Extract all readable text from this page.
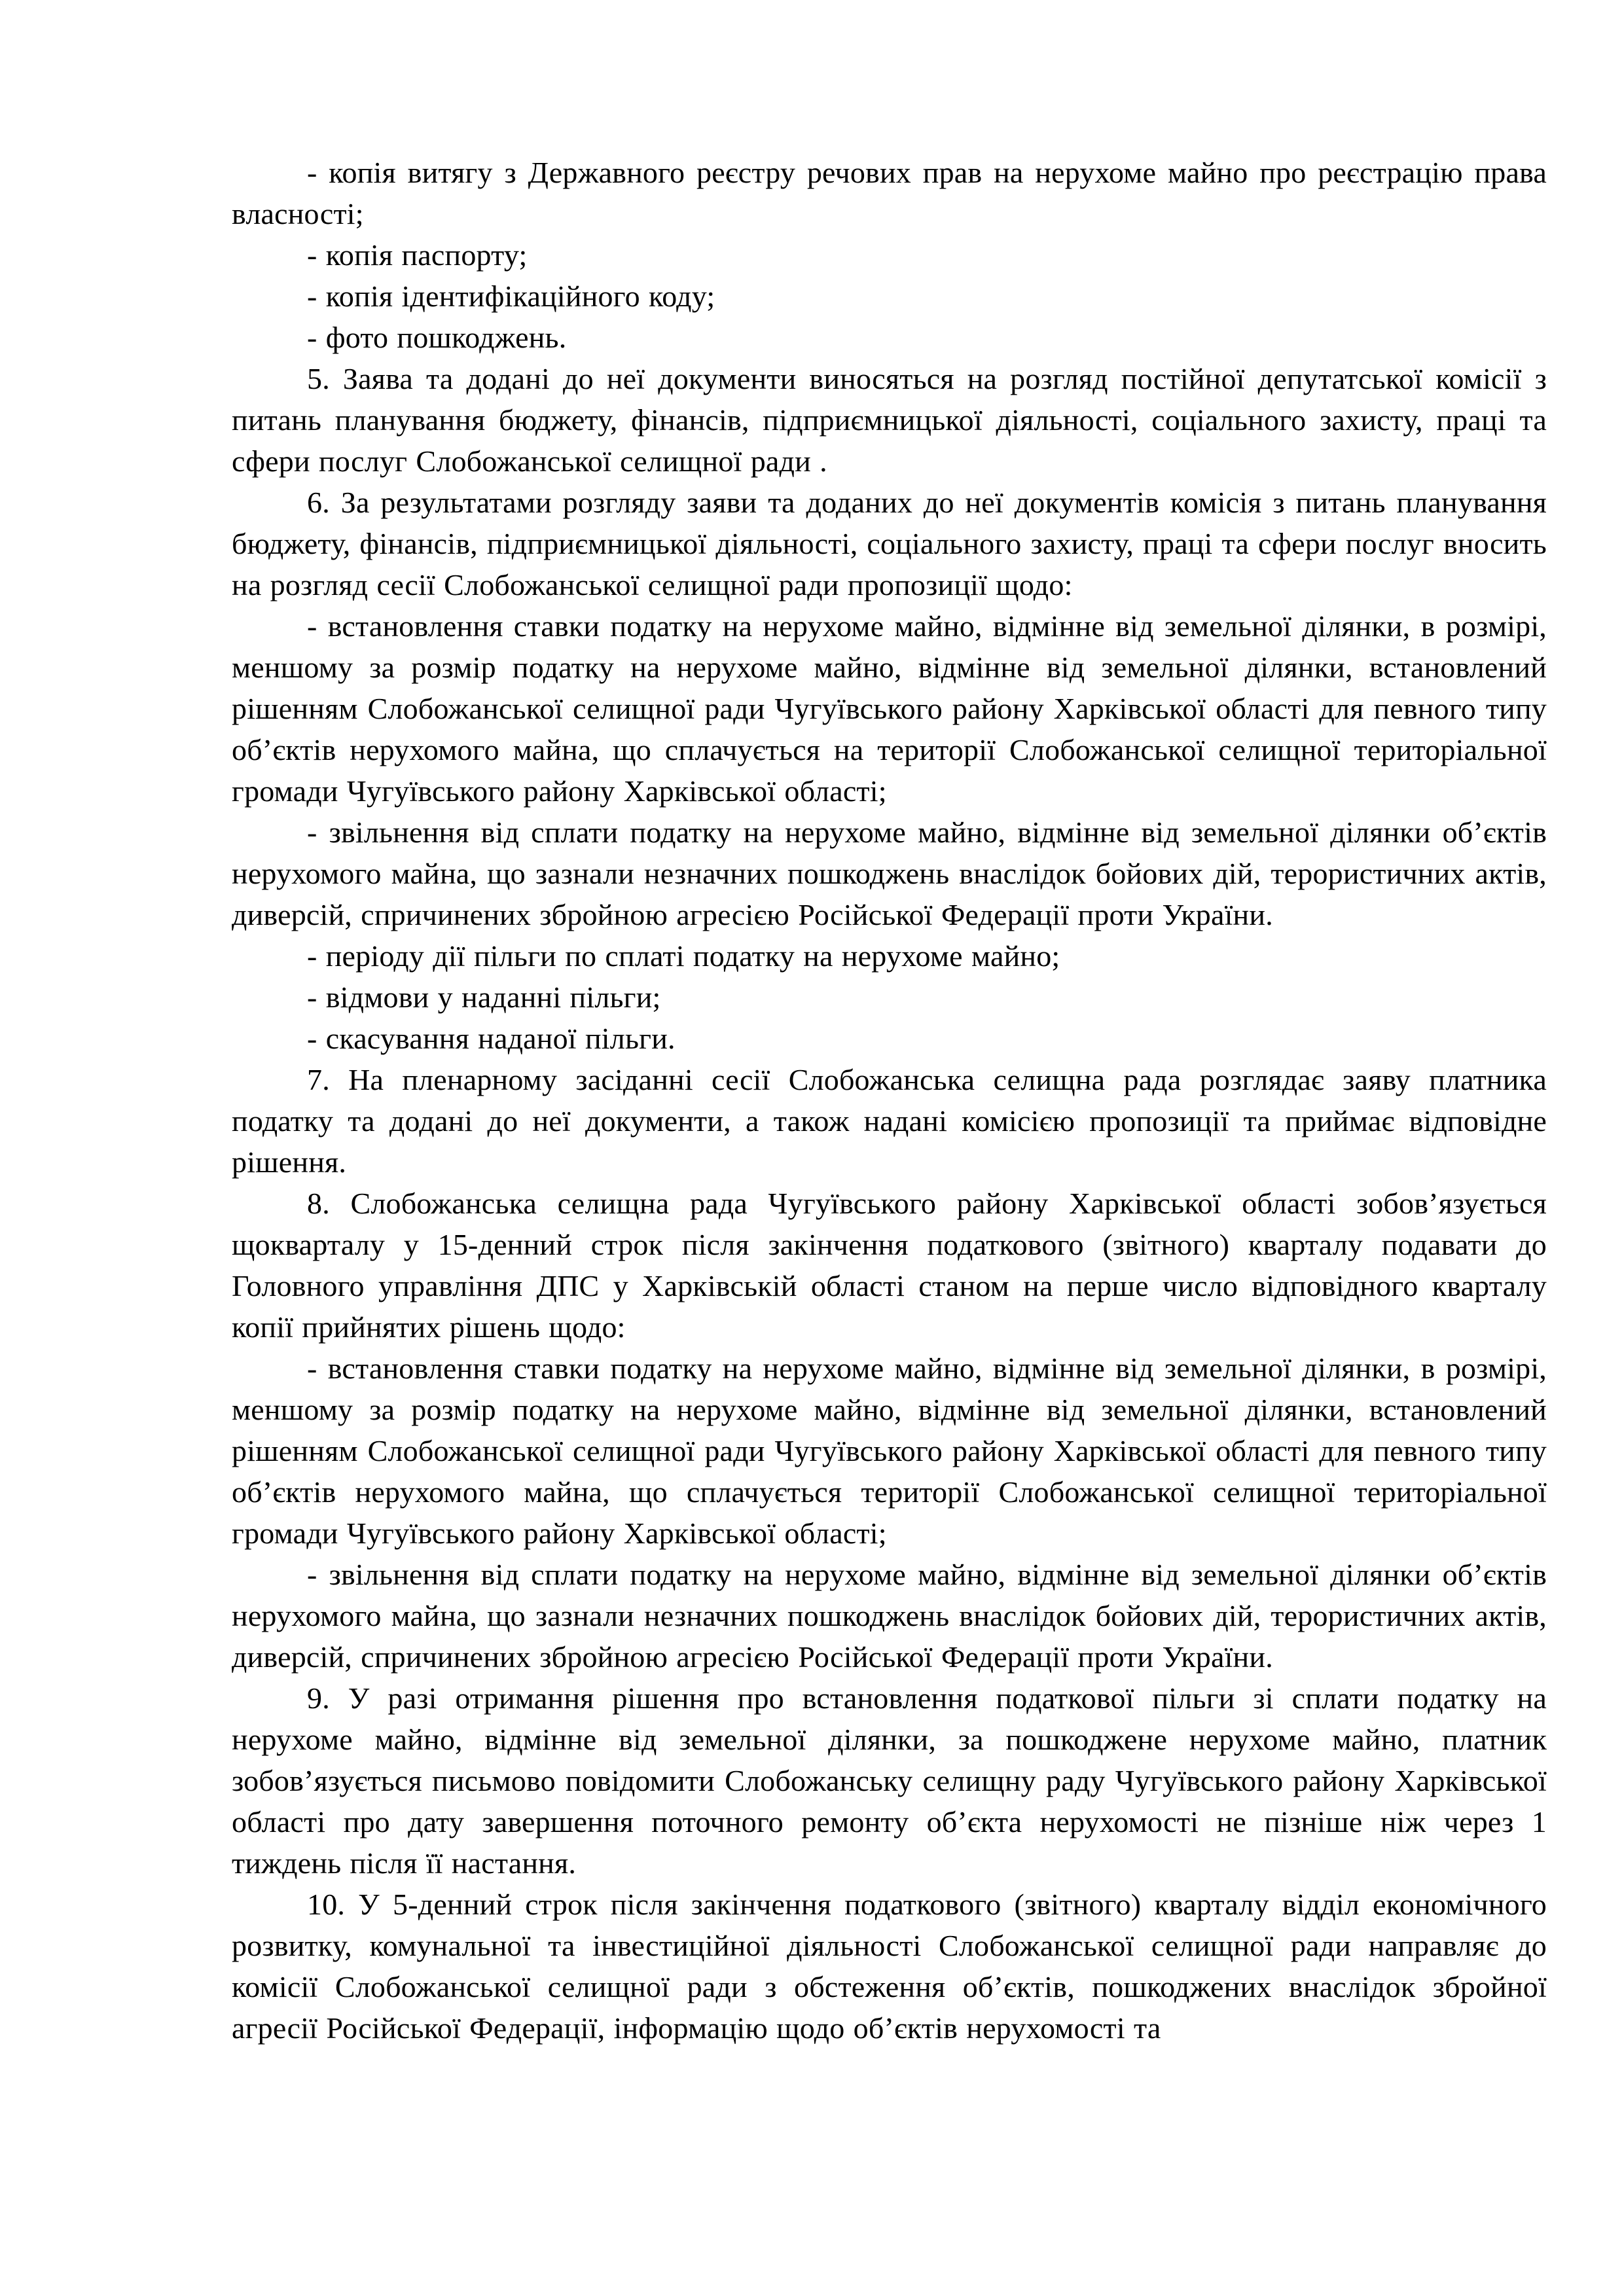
- копія витягу з Державного реєстру речових прав на нерухоме майно про реєстрацію права власності;

- копія паспорту;

- копія ідентифікаційного коду;

- фото пошкоджень.

5. Заява та додані до неї документи виносяться на розгляд постійної депутатської комісії з питань планування бюджету, фінансів, підприємницької діяльності, соціального захисту, праці та сфери послуг Слобожанської селищної ради .

6. За результатами розгляду заяви та доданих до неї документів комісія з питань планування бюджету, фінансів, підприємницької діяльності, соціального захисту, праці та сфери послуг вносить на розгляд сесії Слобожанської селищної ради пропозиції щодо:

- встановлення ставки податку на нерухоме майно, відмінне від земельної ділянки, в розмірі, меншому за розмір податку на нерухоме майно, відмінне від земельної ділянки, встановлений рішенням Слобожанської селищної ради Чугуївського району Харківської області для певного типу об’єктів нерухомого майна, що сплачується на території Слобожанської селищної територіальної громади Чугуївського району Харківської області;

- звільнення від сплати податку на нерухоме майно, відмінне від земельної ділянки об’єктів нерухомого майна, що зазнали незначних пошкоджень внаслідок бойових дій, терористичних актів, диверсій, спричинених збройною агресією Російської Федерації проти України.

- періоду дії пільги по сплаті податку на нерухоме майно;

- відмови у наданні пільги;

- скасування наданої пільги.

7. На пленарному засіданні сесії Слобожанська селищна рада розглядає заяву платника податку та додані до неї документи, а також надані комісією пропозиції та приймає відповідне рішення.

8. Слобожанська селищна рада Чугуївського району Харківської області зобов’язується щокварталу у 15-денний строк після закінчення податкового (звітного) кварталу подавати до Головного управління ДПС у Харківській області станом на перше число відповідного кварталу копії прийнятих рішень щодо:

- встановлення ставки податку на нерухоме майно, відмінне від земельної ділянки, в розмірі, меншому за розмір податку на нерухоме майно, відмінне від земельної ділянки, встановлений рішенням Слобожанської селищної ради Чугуївського району Харківської області для певного типу об’єктів нерухомого майна, що сплачується території Слобожанської селищної територіальної громади Чугуївського району Харківської області;

- звільнення від сплати податку на нерухоме майно, відмінне від земельної ділянки об’єктів нерухомого майна, що зазнали незначних пошкоджень внаслідок бойових дій, терористичних актів, диверсій, спричинених збройною агресією Російської Федерації проти України.

9. У разі отримання рішення про встановлення податкової пільги зі сплати податку на нерухоме майно, відмінне від земельної ділянки, за пошкоджене нерухоме майно, платник зобов’язується письмово повідомити Слобожанську селищну раду Чугуївського району Харківської області про дату завершення поточного ремонту об’єкта нерухомості не пізніше ніж через 1 тиждень після її настання.

10. У 5-денний строк після закінчення податкового (звітного) кварталу відділ економічного розвитку, комунальної та інвестиційної діяльності Слобожанської селищної ради направляє до комісії Слобожанської селищної ради з обстеження об’єктів, пошкоджених внаслідок збройної агресії Російської Федерації, інформацію щодо об’єктів нерухомості та
